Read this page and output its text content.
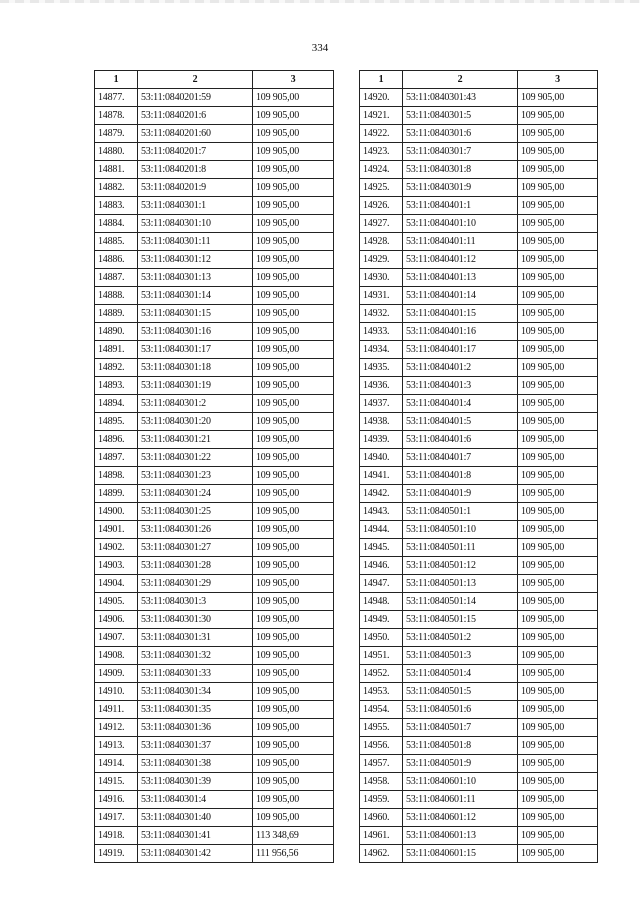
334
1	2	3
14877.	53:11:0840201:59	109 905,00
14878.	53:11:0840201:6	109 905,00
14879.	53:11:0840201:60	109 905,00
14880.	53:11:0840201:7	109 905,00
14881.	53:11:0840201:8	109 905,00
14882.	53:11:0840201:9	109 905,00
14883.	53:11:0840301:1	109 905,00
14884.	53:11:0840301:10	109 905,00
14885.	53:11:0840301:11	109 905,00
14886.	53:11:0840301:12	109 905,00
14887.	53:11:0840301:13	109 905,00
14888.	53:11:0840301:14	109 905,00
14889.	53:11:0840301:15	109 905,00
14890.	53:11:0840301:16	109 905,00
14891.	53:11:0840301:17	109 905,00
14892.	53:11:0840301:18	109 905,00
14893.	53:11:0840301:19	109 905,00
14894.	53:11:0840301:2	109 905,00
14895.	53:11:0840301:20	109 905,00
14896.	53:11:0840301:21	109 905,00
14897.	53:11:0840301:22	109 905,00
14898.	53:11:0840301:23	109 905,00
14899.	53:11:0840301:24	109 905,00
14900.	53:11:0840301:25	109 905,00
14901.	53:11:0840301:26	109 905,00
14902.	53:11:0840301:27	109 905,00
14903.	53:11:0840301:28	109 905,00
14904.	53:11:0840301:29	109 905,00
14905.	53:11:0840301:3	109 905,00
14906.	53:11:0840301:30	109 905,00
14907.	53:11:0840301:31	109 905,00
14908.	53:11:0840301:32	109 905,00
14909.	53:11:0840301:33	109 905,00
14910.	53:11:0840301:34	109 905,00
14911.	53:11:0840301:35	109 905,00
14912.	53:11:0840301:36	109 905,00
14913.	53:11:0840301:37	109 905,00
14914.	53:11:0840301:38	109 905,00
14915.	53:11:0840301:39	109 905,00
14916.	53:11:0840301:4	109 905,00
14917.	53:11:0840301:40	109 905,00
14918.	53:11:0840301:41	113 348,69
14919.	53:11:0840301:42	111 956,56
1	2	3
14920.	53:11:0840301:43	109 905,00
14921.	53:11:0840301:5	109 905,00
14922.	53:11:0840301:6	109 905,00
14923.	53:11:0840301:7	109 905,00
14924.	53:11:0840301:8	109 905,00
14925.	53:11:0840301:9	109 905,00
14926.	53:11:0840401:1	109 905,00
14927.	53:11:0840401:10	109 905,00
14928.	53:11:0840401:11	109 905,00
14929.	53:11:0840401:12	109 905,00
14930.	53:11:0840401:13	109 905,00
14931.	53:11:0840401:14	109 905,00
14932.	53:11:0840401:15	109 905,00
14933.	53:11:0840401:16	109 905,00
14934.	53:11:0840401:17	109 905,00
14935.	53:11:0840401:2	109 905,00
14936.	53:11:0840401:3	109 905,00
14937.	53:11:0840401:4	109 905,00
14938.	53:11:0840401:5	109 905,00
14939.	53:11:0840401:6	109 905,00
14940.	53:11:0840401:7	109 905,00
14941.	53:11:0840401:8	109 905,00
14942.	53:11:0840401:9	109 905,00
14943.	53:11:0840501:1	109 905,00
14944.	53:11:0840501:10	109 905,00
14945.	53:11:0840501:11	109 905,00
14946.	53:11:0840501:12	109 905,00
14947.	53:11:0840501:13	109 905,00
14948.	53:11:0840501:14	109 905,00
14949.	53:11:0840501:15	109 905,00
14950.	53:11:0840501:2	109 905,00
14951.	53:11:0840501:3	109 905,00
14952.	53:11:0840501:4	109 905,00
14953.	53:11:0840501:5	109 905,00
14954.	53:11:0840501:6	109 905,00
14955.	53:11:0840501:7	109 905,00
14956.	53:11:0840501:8	109 905,00
14957.	53:11:0840501:9	109 905,00
14958.	53:11:0840601:10	109 905,00
14959.	53:11:0840601:11	109 905,00
14960.	53:11:0840601:12	109 905,00
14961.	53:11:0840601:13	109 905,00
14962.	53:11:0840601:15	109 905,00
